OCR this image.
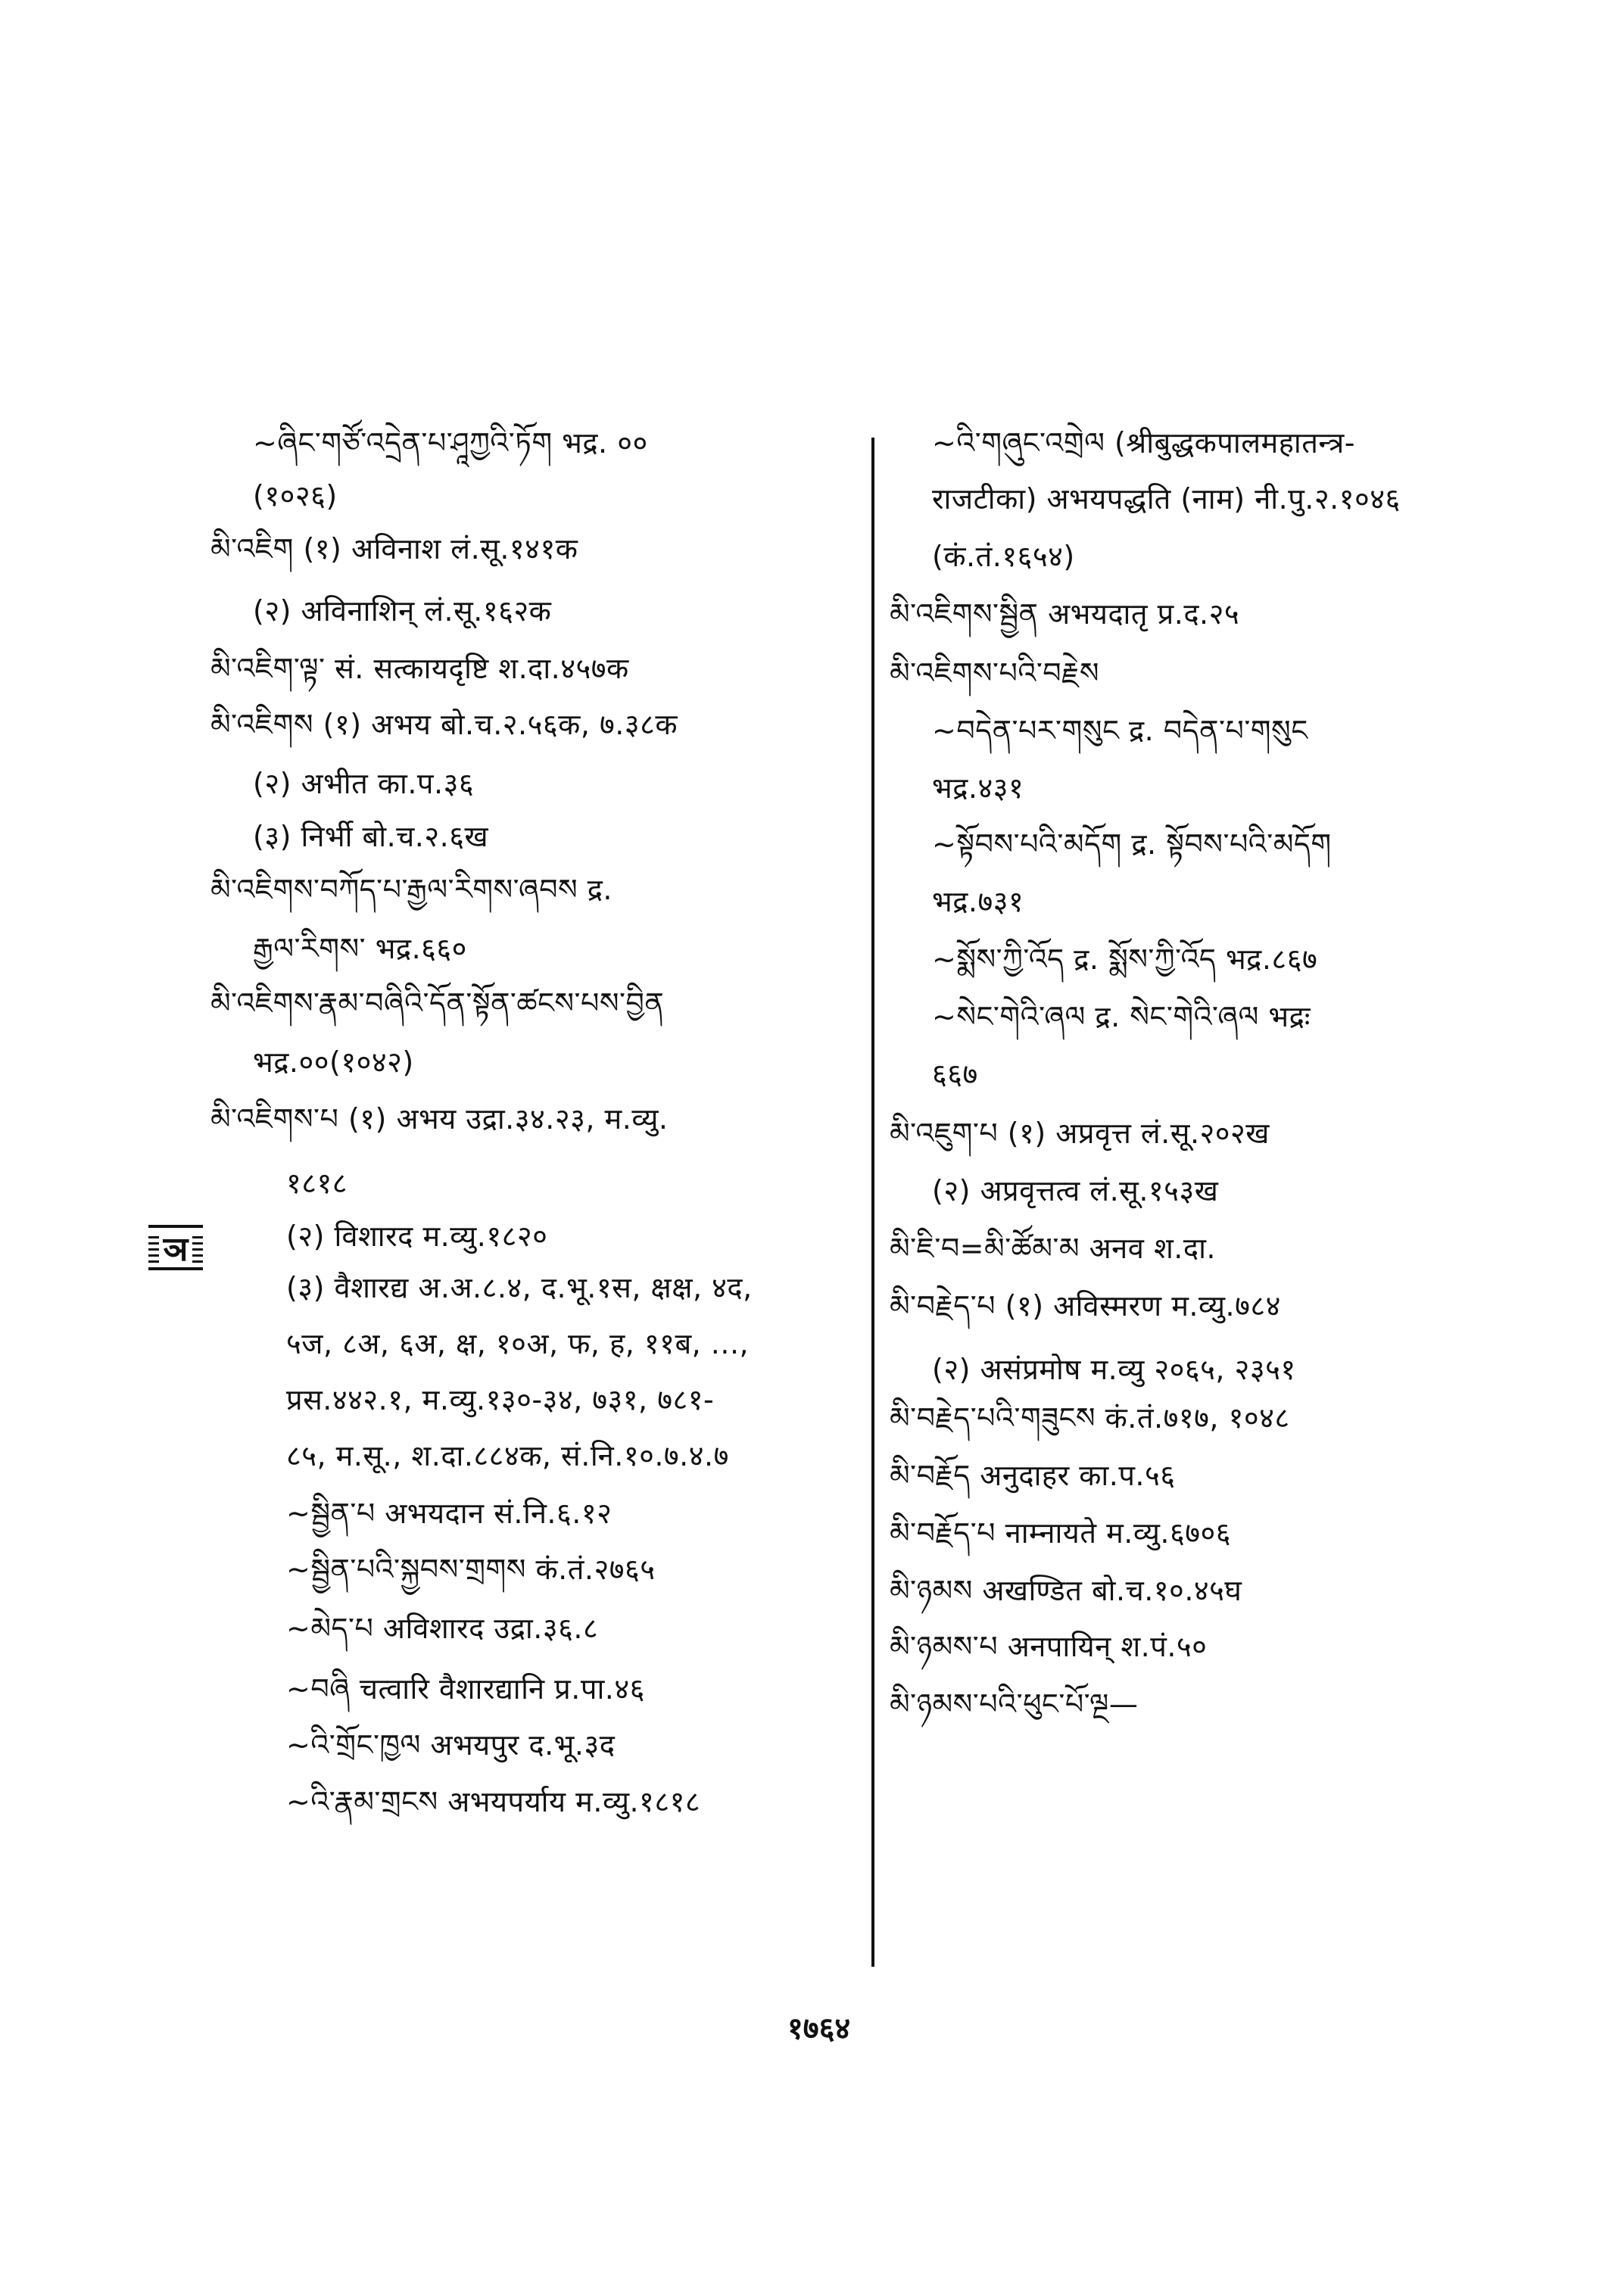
~ཞིང་གཙོ་འདྲེན་པ་ཤཱཀྱའི་ཏོག भद्र. ००
(१०२६)
མི་འཇིག (१) अविनाश लं.सू.१४१क
(२) अविनाशिन् लं.सू.१६२क
མི་འཇིག་ལྟ་ सं. सत्कायदृष्टि श.दा.४५७क
མི་འཇིགས (१) अभय बो.च.२.५६क, ७.३८क
(२) अभीत का.प.३६
(३) निर्भी बो.च.२.६ख
མི་འཇིགས་བཀོད་པ་རྒྱལ་རིགས་ཞབས द्र.
རྒྱལ་རིགས་ भद्र.६६०
མི་འཇིགས་རྣམ་བཞིའི་དོན་སྟོན་ཚངས་པས་བྱིན
भद्र.००(१०४२)
མི་འཇིགས་པ (१) अभय उद्रा.३४.२३, म.व्यु.
१८१८
(२) विशारद म.व्यु.१८२०
(३) वैशारद्य अ.अ.८.४, द.भू.१स, क्षक्ष, ४द,
५ज, ८अ, ६अ, क्ष, १०अ, फ, ह, ११ब, ...,
प्रस.४४२.१, म.व्यु.१३०-३४, ७३१, ७८१-
८५, म.सू., श.दा.८८४क, सं.नि.१०.७.४.७
~སྦྱིན་པ अभयदान सं.नि.६.१२
~སྦྱིན་པའི་སྐྱབས་གྲགས कं.तं.२७६५
~མེད་པ अविशारद उद्रा.३६.८
~བཞི चत्वारि वैशारद्यानि प्र.पा.४६
~འི་གྲོང་ཁྱལ अभयपुर द.भू.३द
~འི་རྣམ་གྲངས अभयपर्याय म.व्यु.१८१८
~འི་གཞུང་འགྲེལ (श्रीबुद्धकपालमहातन्त्र-
राजटीका) अभयपद्धति (नाम) नी.पु.२.१०४६
(कं.तं.१६५४)
མི་འཇིགས་སྦྱིན अभयदातृ प्र.द.२५
མི་འཇིགས་པའི་བརྗེས
~བདེན་པར་གསུང द्र. བདེན་པ་གསུང
भद्र.४३१
~སྟོབས་པའི་མདོག द्र. སྟོབས་པའི་མདོག
भद्र.७३१
~སྨོས་ཀྱི་འོད द्र. སྨོས་ཀྱི་འོད भद्र.८६७
~སེང་གེའི་ཞལ द्र. སེང་གེའི་ཞལ भद्रः
६६७
མི་འཇུག་པ (१) अप्रवृत्त लं.सू.२०२ख
(२) अप्रवृत्तत्व लं.सू.१५३ख
མི་ཇི་བ=མི་ཚོམ་མ अनव श.दा.
མི་བརྗེད་པ (१) अविस्मरण म.व्यु.७८४
(२) असंप्रमोष म.व्यु २०६५, २३५१
མི་བརྗེད་པའི་གཟུངས कं.तं.७१७, १०४८
མི་བརྗོད अनुदाहर का.प.५६
མི་བརྗོད་པ नाम्नायते म.व्यु.६७०६
མི་ཉམས अखण्डित बो.च.१०.४५घ
མི་ཉམས་པ अनपायिन् श.पं.५०
མི་ཉམས་པའི་ཕུང་པོ་ལྔ—
ञ
१७६४
